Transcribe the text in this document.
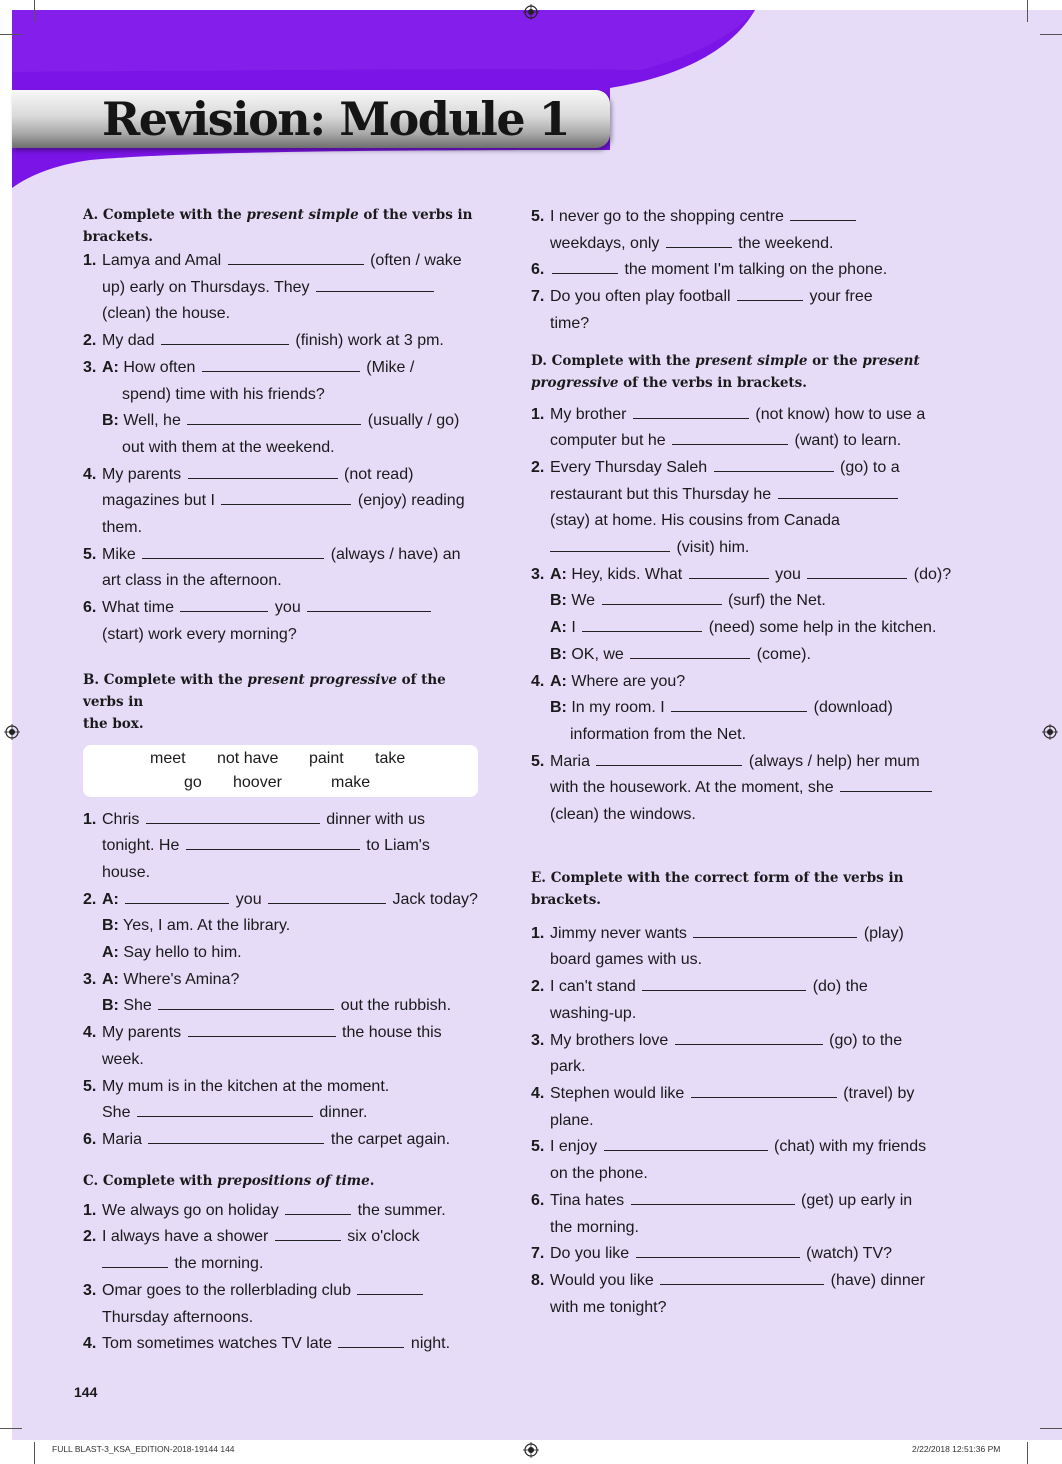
Revision: Module 1
A. Complete with the present simple of the verbs in
brackets.
1. Lamya and Amal	(often / wake
up) early on Thursdays. They
(clean) the house.
2. My dad	(finish) work at 3 pm.
3. A: How often	(Mike /
spend) time with his friends?
B: Well, he	(usually / go)
out with them at the weekend.
4. My parents	(not read)
magazines but I	(enjoy) reading
them.
5. Mike	(always / have) an
art class in the afternoon.
6. What time	you
(start) work every morning?
B. Complete with the present progressive of the verbs in
the box.
meet not have paint take
go hoover	make
1. Chris	dinner with us
tonight. He	to Liam's
house.
2. A:	you	Jack today?
B: Yes, I am. At the library.
A: Say hello to him.
3. A: Where's Amina?
B: She	out the rubbish.
4. My parents	the house this
week.
5. My mum is in the kitchen at the moment.
She	dinner.
6. Maria	the carpet again.
C. Complete with prepositions of time.
1. We always go on holiday	the summer.
2. I always have a shower	six o'clock
the morning.
3. Omar goes to the rollerblading club
Thursday afternoons.
4. Tom sometimes watches TV late	night.
5. I never go to the shopping centre
weekdays, only	the weekend.
6.	the moment I'm talking on the phone.
7. Do you often play football	your free
time?
D. Complete with the present simple or the present
progressive of the verbs in brackets.
1. My brother	(not know) how to use a
computer but he	(want) to learn.
2. Every Thursday Saleh	(go) to a
restaurant but this Thursday he
(stay) at home. His cousins from Canada
(visit) him.
3. A: Hey, kids. What	you	(do)?
B: We	(surf) the Net.
A: I	(need) some help in the kitchen.
B: OK, we	(come).
4. A: Where are you?
B: In my room. I	(download)
information from the Net.
5. Maria	(always / help) her mum
with the housework. At the moment, she
(clean) the windows.
E. Complete with the correct form of the verbs in brackets.
1. Jimmy never wants	(play)
board games with us.
2. I can't stand	(do) the
washing-up.
3. My brothers love	(go) to the
park.
4. Stephen would like	(travel) by
plane.
5. I enjoy	(chat) with my friends
on the phone.
6. Tina hates	(get) up early in
the morning.
7. Do you like	(watch) TV?
8. Would you like	(have) dinner
with me tonight?
144
FULL BLAST-3_KSA_EDITION-2018-19144 144	2/22/2018 12:51:36 PM
